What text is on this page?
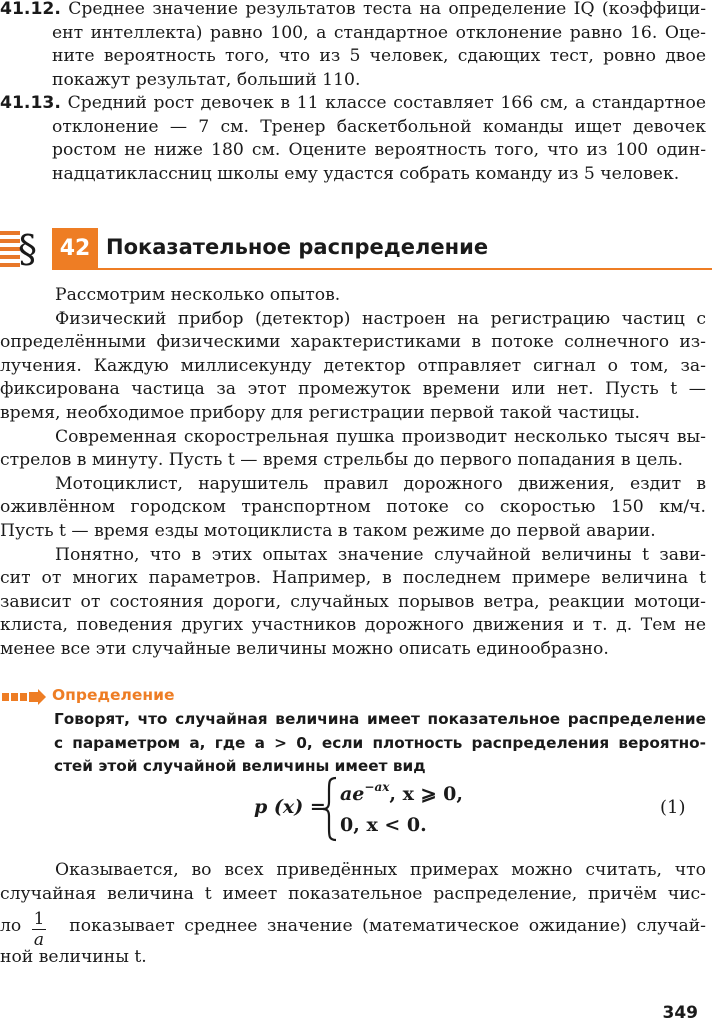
41.12. Среднее значение результатов теста на определение IQ (коэффици-
ент интеллекта) равно 100, а стандартное отклонение равно 16. Оце-
ните вероятность того, что из 5 человек, сдающих тест, ровно двое
покажут результат, больший 110.
41.13. Средний рост девочек в 11 классе составляет 166 см, а стандартное
отклонение — 7 см. Тренер баскетбольной команды ищет девочек
ростом не ниже 180 см. Оцените вероятность того, что из 100 один-
надцатиклассниц школы ему удастся собрать команду из 5 человек.
§	42 Показательное распределение
Рассмотрим несколько опытов.
Физический прибор (детектор) настроен на регистрацию частиц с
определёнными физическими характеристиками в потоке солнечного из-
лучения. Каждую миллисекунду детектор отправляет сигнал о том, за-
фиксирована частица за этот промежуток времени или нет. Пусть t —
время, необходимое прибору для регистрации первой такой частицы.
Современная скорострельная пушка производит несколько тысяч вы-
стрелов в минуту. Пусть t — время стрельбы до первого попадания в цель.
Мотоциклист, нарушитель правил дорожного движения, ездит в
оживлённом городском транспортном потоке со скоростью 150 км/ч.
Пусть t — время езды мотоциклиста в таком режиме до первой аварии.
Понятно, что в этих опытах значение случайной величины t зави-
сит от многих параметров. Например, в последнем примере величина t
зависит от состояния дороги, случайных порывов ветра, реакции мотоци-
клиста, поведения других участников дорожного движения и т. д. Тем не
менее все эти случайные величины можно описать единообразно.
Определение
Говорят, что случайная величина имеет показательное распределение
с параметром a, где a > 0, если плотность распределения вероятно-
стей этой случайной величины имеет вид
p (x) =
$ae^{-ax}$, x ⩾ 0,
0, x < 0.
(1)
Оказывается, во всех приведённых примерах можно считать, что
случайная величина t имеет показательное распределение, причём чис-
ло	показывает среднее значение (математическое ожидание) случай-
ной величины t.
$\frac{1}{a}$
349
